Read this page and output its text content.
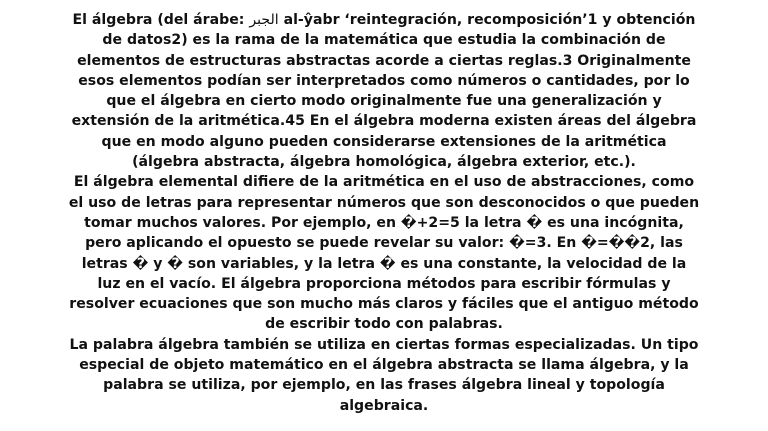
El álgebra (del árabe: الجبر al-ŷabr ‘reintegración, recomposición’1 y obtención de datos2) es la rama de la matemática que estudia la combinación de elementos de estructuras abstractas acorde a ciertas reglas.3 Originalmente esos elementos podían ser interpretados como números o cantidades, por lo que el álgebra en cierto modo originalmente fue una generalización y extensión de la aritmética.45 En el álgebra moderna existen áreas del álgebra que en modo alguno pueden considerarse extensiones de la aritmética (álgebra abstracta, álgebra homológica, álgebra exterior, etc.).

El álgebra elemental difiere de la aritmética en el uso de abstracciones, como el uso de letras para representar números que son desconocidos o que pueden tomar muchos valores. Por ejemplo, en �+2=5 la letra � es una incógnita, pero aplicando el opuesto se puede revelar su valor: �=3. En �=��2, las letras � y � son variables, y la letra � es una constante, la velocidad de la luz en el vacío. El álgebra proporciona métodos para escribir fórmulas y resolver ecuaciones que son mucho más claros y fáciles que el antiguo método de escribir todo con palabras.

La palabra álgebra también se utiliza en ciertas formas especializadas. Un tipo especial de objeto matemático en el álgebra abstracta se llama álgebra, y la palabra se utiliza, por ejemplo, en las frases álgebra lineal y topología algebraica.
